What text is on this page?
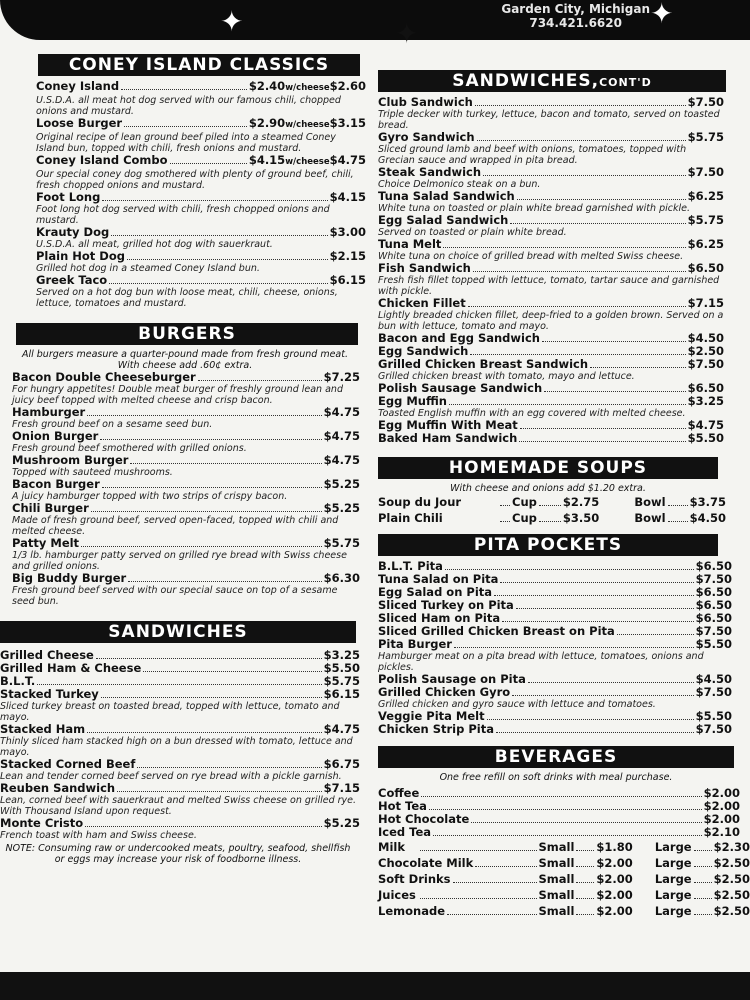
Garden City, Michigan
734.421.6620
✦	✦
✦
CONEY ISLAND CLASSICS
Coney Island	$2.40 w/cheese $2.60
U.S.D.A. all meat hot dog served with our famous chili, chopped onions and mustard.
Loose Burger	$2.90 w/cheese $3.15
Original recipe of lean ground beef piled into a steamed Coney Island bun, topped with chili, fresh onions and mustard.
Coney Island Combo	$4.15 w/cheese $4.75
Our special coney dog smothered with plenty of ground beef, chili, fresh chopped onions and mustard.
Foot Long	$4.15
Foot long hot dog served with chili, fresh chopped onions and mustard.
Krauty Dog	$3.00
U.S.D.A. all meat, grilled hot dog with sauerkraut.
Plain Hot Dog	$2.15
Grilled hot dog in a steamed Coney Island bun.
Greek Taco	$6.15
Served on a hot dog bun with loose meat, chili, cheese, onions, lettuce, tomatoes and mustard.
BURGERS
All burgers measure a quarter-pound made from fresh ground meat. With cheese add .60¢ extra.
Bacon Double Cheeseburger	$7.25
For hungry appetites! Double meat burger of freshly ground lean and juicy beef topped with melted cheese and crisp bacon.
Hamburger	$4.75
Fresh ground beef on a sesame seed bun.
Onion Burger	$4.75
Fresh ground beef smothered with grilled onions.
Mushroom Burger	$4.75
Topped with sauteed mushrooms.
Bacon Burger	$5.25
A juicy hamburger topped with two strips of crispy bacon.
Chili Burger	$5.25
Made of fresh ground beef, served open-faced, topped with chili and melted cheese.
Patty Melt	$5.75
1/3 lb. hamburger patty served on grilled rye bread with Swiss cheese and grilled onions.
Big Buddy Burger	$6.30
Fresh ground beef served with our special sauce on top of a sesame seed bun.
SANDWICHES
Grilled Cheese	$3.25
Grilled Ham & Cheese	$5.50
B.L.T.	$5.75
Stacked Turkey	$6.15
Sliced turkey breast on toasted bread, topped with lettuce, tomato and mayo.
Stacked Ham	$4.75
Thinly sliced ham stacked high on a bun dressed with tomato, lettuce and mayo.
Stacked Corned Beef	$6.75
Lean and tender corned beef served on rye bread with a pickle garnish.
Reuben Sandwich	$7.15
Lean, corned beef with sauerkraut and melted Swiss cheese on grilled rye. With Thousand Island upon request.
Monte Cristo	$5.25
French toast with ham and Swiss cheese.
NOTE: Consuming raw or undercooked meats, poultry, seafood, shellfish or eggs may increase your risk of foodborne illness.
SANDWICHES,CONT'D
Club Sandwich	$7.50
Triple decker with turkey, lettuce, bacon and tomato, served on toasted bread.
Gyro Sandwich	$5.75
Sliced ground lamb and beef with onions, tomatoes, topped with Grecian sauce and wrapped in pita bread.
Steak Sandwich	$7.50
Choice Delmonico steak on a bun.
Tuna Salad Sandwich	$6.25
White tuna on toasted or plain white bread garnished with pickle.
Egg Salad Sandwich	$5.75
Served on toasted or plain white bread.
Tuna Melt	$6.25
White tuna on choice of grilled bread with melted Swiss cheese.
Fish Sandwich	$6.50
Fresh fish fillet topped with lettuce, tomato, tartar sauce and garnished with pickle.
Chicken Fillet	$7.15
Lightly breaded chicken fillet, deep-fried to a golden brown. Served on a bun with lettuce, tomato and mayo.
Bacon and Egg Sandwich	$4.50
Egg Sandwich	$2.50
Grilled Chicken Breast Sandwich	$7.50
Grilled chicken breast with tomato, mayo and lettuce.
Polish Sausage Sandwich	$6.50
Egg Muffin	$3.25
Toasted English muffin with an egg covered with melted cheese.
Egg Muffin With Meat	$4.75
Baked Ham Sandwich	$5.50
HOMEMADE SOUPS
With cheese and onions add $1.20 extra.
Soup du Jour	Cup $2.75	Bowl $3.75
Plain Chili	Cup $3.50	Bowl $4.50
PITA POCKETS
B.L.T. Pita	$6.50
Tuna Salad on Pita	$7.50
Egg Salad on Pita	$6.50
Sliced Turkey on Pita	$6.50
Sliced Ham on Pita	$6.50
Sliced Grilled Chicken Breast on Pita	$7.50
Pita Burger	$5.50
Hamburger meat on a pita bread with lettuce, tomatoes, onions and pickles.
Polish Sausage on Pita	$4.50
Grilled Chicken Gyro	$7.50
Grilled chicken and gyro sauce with lettuce and tomatoes.
Veggie Pita Melt	$5.50
Chicken Strip Pita	$7.50
BEVERAGES
One free refill on soft drinks with meal purchase.
Coffee	$2.00
Hot Tea	$2.00
Hot Chocolate	$2.00
Iced Tea	$2.10
Milk	Small $1.80 Large $2.30
Chocolate Milk	Small $2.00 Large $2.50
Soft Drinks	Small $2.00 Large $2.50
Juices	Small $2.00 Large $2.50
Lemonade	Small $2.00 Large $2.50
